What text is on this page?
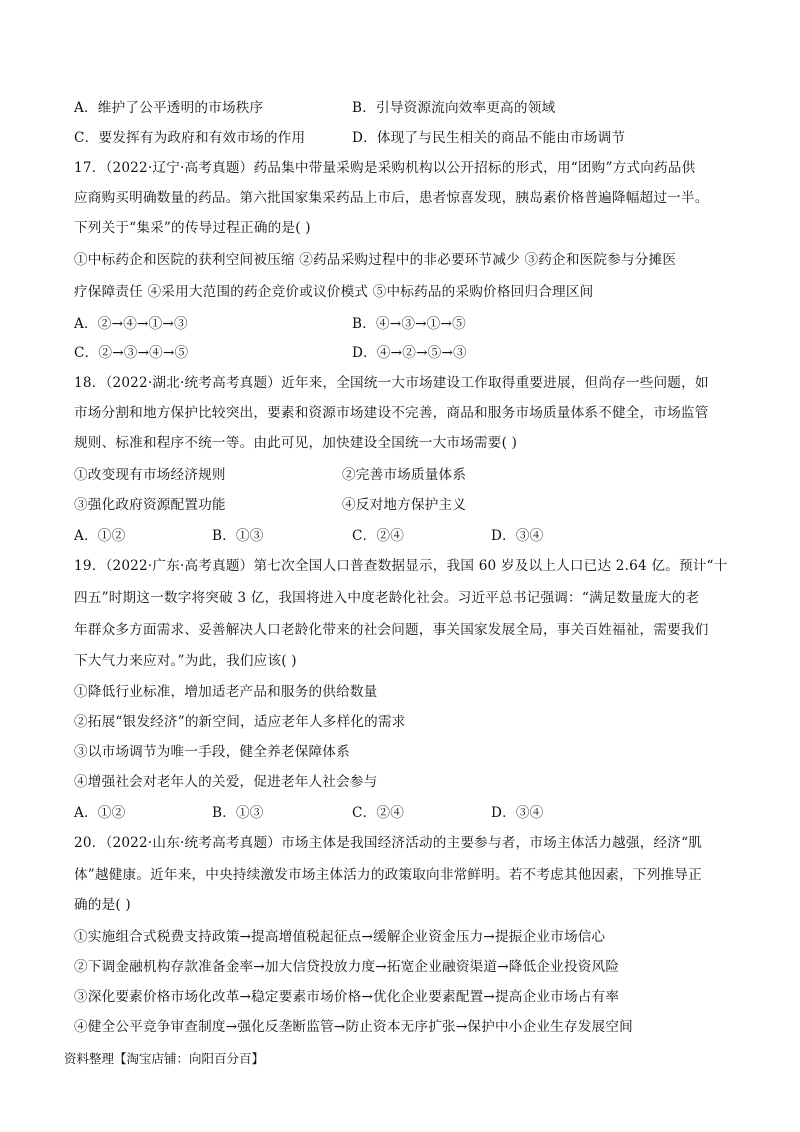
A．维护了公平透明的市场秩序	B．引导资源流向效率更高的领域
C．要发挥有为政府和有效市场的作用	D．体现了与民生相关的商品不能由市场调节
17．（2022·辽宁·高考真题）药品集中带量采购是采购机构以公开招标的形式，用“团购”方式向药品供
应商购买明确数量的药品。第六批国家集采药品上市后，患者惊喜发现，胰岛素价格普遍降幅超过一半。
下列关于“集采”的传导过程正确的是( )
①中标药企和医院的获利空间被压缩 ②药品采购过程中的非必要环节减少 ③药企和医院参与分摊医
疗保障责任 ④采用大范围的药企竞价或议价模式 ⑤中标药品的采购价格回归合理区间
A．②→④→①→③	B．④→③→①→⑤
C．②→③→④→⑤	D．④→②→⑤→③
18．（2022·湖北·统考高考真题）近年来，全国统一大市场建设工作取得重要进展，但尚存一些问题，如
市场分割和地方保护比较突出，要素和资源市场建设不完善，商品和服务市场质量体系不健全，市场监管
规则、标准和程序不统一等。由此可见，加快建设全国统一大市场需要( )
①改变现有市场经济规则	②完善市场质量体系
③强化政府资源配置功能	④反对地方保护主义
A．①②	B．①③	C．②④	D．③④
19．（2022·广东·高考真题）第七次全国人口普查数据显示，我国 60 岁及以上人口已达 2.64 亿。预计“十
四五”时期这一数字将突破 3 亿，我国将进入中度老龄化社会。习近平总书记强调：“满足数量庞大的老
年群众多方面需求、妥善解决人口老龄化带来的社会问题，事关国家发展全局，事关百姓福祉，需要我们
下大气力来应对。”为此，我们应该( )
①降低行业标准，增加适老产品和服务的供给数量
②拓展“银发经济”的新空间，适应老年人多样化的需求
③以市场调节为唯一手段，健全养老保障体系
④增强社会对老年人的关爱，促进老年人社会参与
A．①②	B．①③	C．②④	D．③④
20．（2022·山东·统考高考真题）市场主体是我国经济活动的主要参与者，市场主体活力越强，经济“肌
体”越健康。近年来，中央持续激发市场主体活力的政策取向非常鲜明。若不考虑其他因素，下列推导正
确的是( )
①实施组合式税费支持政策→提高增值税起征点→缓解企业资金压力→提振企业市场信心
②下调金融机构存款准备金率→加大信贷投放力度→拓宽企业融资渠道→降低企业投资风险
③深化要素价格市场化改革→稳定要素市场价格→优化企业要素配置→提高企业市场占有率
④健全公平竞争审查制度→强化反垄断监管→防止资本无序扩张→保护中小企业生存发展空间
资料整理【淘宝店铺：向阳百分百】
